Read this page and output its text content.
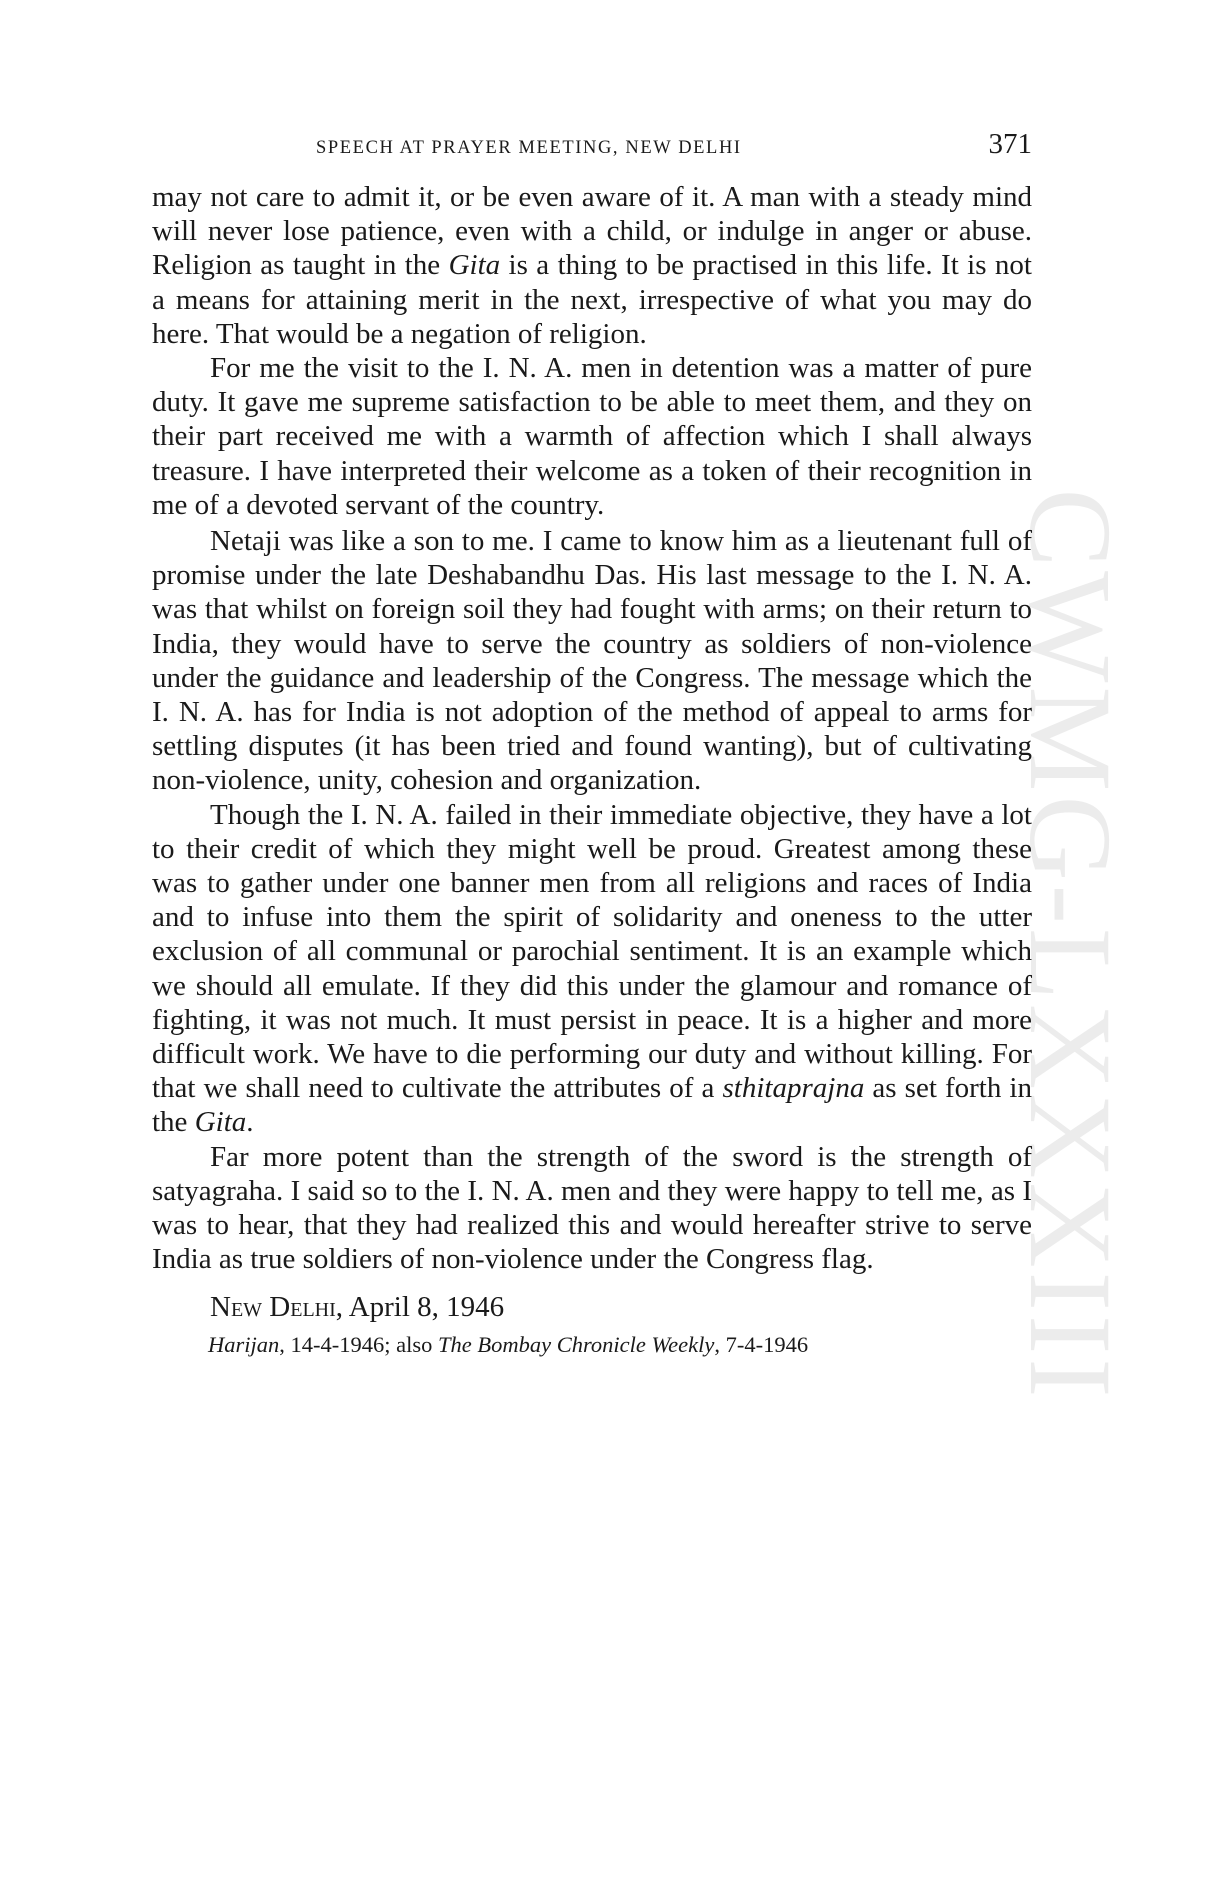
CWMG-LXXXIII
SPEECH AT PRAYER MEETING, NEW DELHI	371

may not care to admit it, or be even aware of it. A man with a steady mind will never lose patience, even with a child, or indulge in anger or abuse. Religion as taught in the Gita is a thing to be practised in this life. It is not a means for attaining merit in the next, irrespective of what you may do here. That would be a negation of religion.

For me the visit to the I. N. A. men in detention was a matter of pure duty. It gave me supreme satisfaction to be able to meet them, and they on their part received me with a warmth of affection which I shall always treasure. I have interpreted their welcome as a token of their recognition in me of a devoted servant of the country.

Netaji was like a son to me. I came to know him as a lieutenant full of promise under the late Deshabandhu Das. His last message to the I. N. A. was that whilst on foreign soil they had fought with arms; on their return to India, they would have to serve the country as soldiers of non-violence under the guidance and leadership of the Congress. The message which the I. N. A. has for India is not adoption of the method of appeal to arms for settling disputes (it has been tried and found wanting), but of cultivating non-violence, unity, cohesion and organization.

Though the I. N. A. failed in their immediate objective, they have a lot to their credit of which they might well be proud. Greatest among these was to gather under one banner men from all religions and races of India and to infuse into them the spirit of solidarity and oneness to the utter exclusion of all communal or parochial sentiment. It is an example which we should all emulate. If they did this under the glamour and romance of fighting, it was not much. It must persist in peace. It is a higher and more difficult work. We have to die performing our duty and without killing. For that we shall need to cultivate the attributes of a sthitaprajna as set forth in the Gita.

Far more potent than the strength of the sword is the strength of satyagraha. I said so to the I. N. A. men and they were happy to tell me, as I was to hear, that they had realized this and would hereafter strive to serve India as true soldiers of non-violence under the Congress flag.

New Delhi, April 8, 1946

Harijan, 14-4-1946; also The Bombay Chronicle Weekly, 7-4-1946
